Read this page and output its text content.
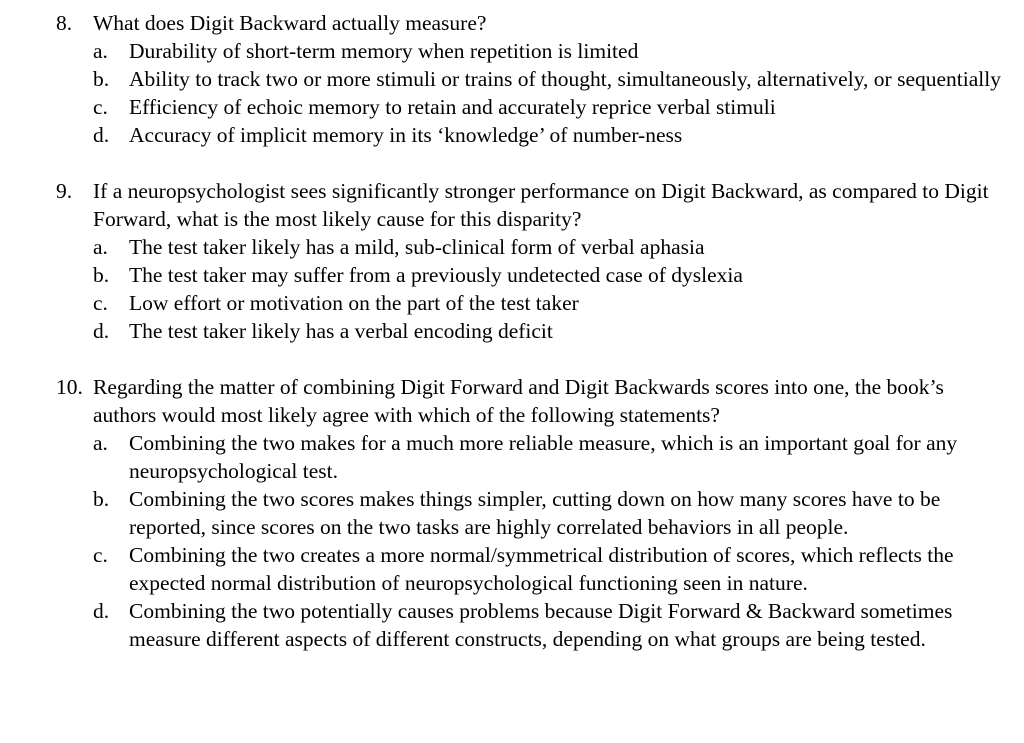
8. What does Digit Backward actually measure?
a. Durability of short-term memory when repetition is limited
b. Ability to track two or more stimuli or trains of thought, simultaneously, alternatively, or sequentially
c. Efficiency of echoic memory to retain and accurately reprice verbal stimuli
d. Accuracy of implicit memory in its ‘knowledge’ of number-ness
9. If a neuropsychologist sees significantly stronger performance on Digit Backward, as compared to Digit Forward, what is the most likely cause for this disparity?
a. The test taker likely has a mild, sub-clinical form of verbal aphasia
b. The test taker may suffer from a previously undetected case of dyslexia
c. Low effort or motivation on the part of the test taker
d. The test taker likely has a verbal encoding deficit
10. Regarding the matter of combining Digit Forward and Digit Backwards scores into one, the book’s authors would most likely agree with which of the following statements?
a. Combining the two makes for a much more reliable measure, which is an important goal for any neuropsychological test.
b. Combining the two scores makes things simpler, cutting down on how many scores have to be reported, since scores on the two tasks are highly correlated behaviors in all people.
c. Combining the two creates a more normal/symmetrical distribution of scores, which reflects the expected normal distribution of neuropsychological functioning seen in nature.
d. Combining the two potentially causes problems because Digit Forward & Backward sometimes measure different aspects of different constructs, depending on what groups are being tested.
